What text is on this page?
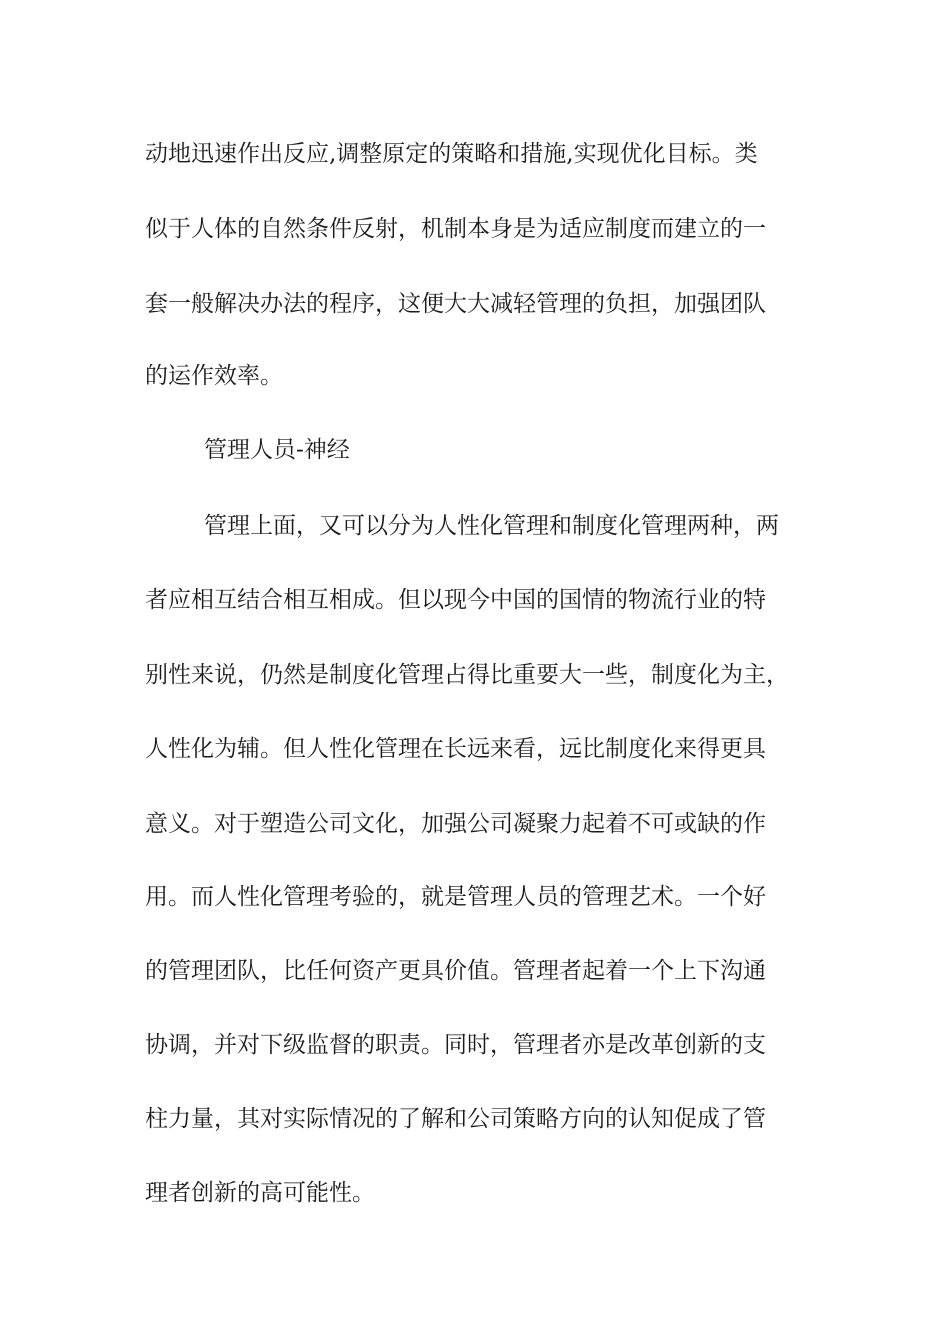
动地迅速作出反应,调整原定的策略和措施,实现优化目标。类
似于人体的自然条件反射，机制本身是为适应制度而建立的一
套一般解决办法的程序，这便大大减轻管理的负担，加强团队
的运作效率。
管理人员-神经
管理上面，又可以分为人性化管理和制度化管理两种，两
者应相互结合相互相成。但以现今中国的国情的物流行业的特
别性来说，仍然是制度化管理占得比重要大一些，制度化为主，
人性化为辅。但人性化管理在长远来看，远比制度化来得更具
意义。对于塑造公司文化，加强公司凝聚力起着不可或缺的作
用。而人性化管理考验的，就是管理人员的管理艺术。一个好
的管理团队，比任何资产更具价值。管理者起着一个上下沟通
协调，并对下级监督的职责。同时，管理者亦是改革创新的支
柱力量，其对实际情况的了解和公司策略方向的认知促成了管
理者创新的高可能性。
